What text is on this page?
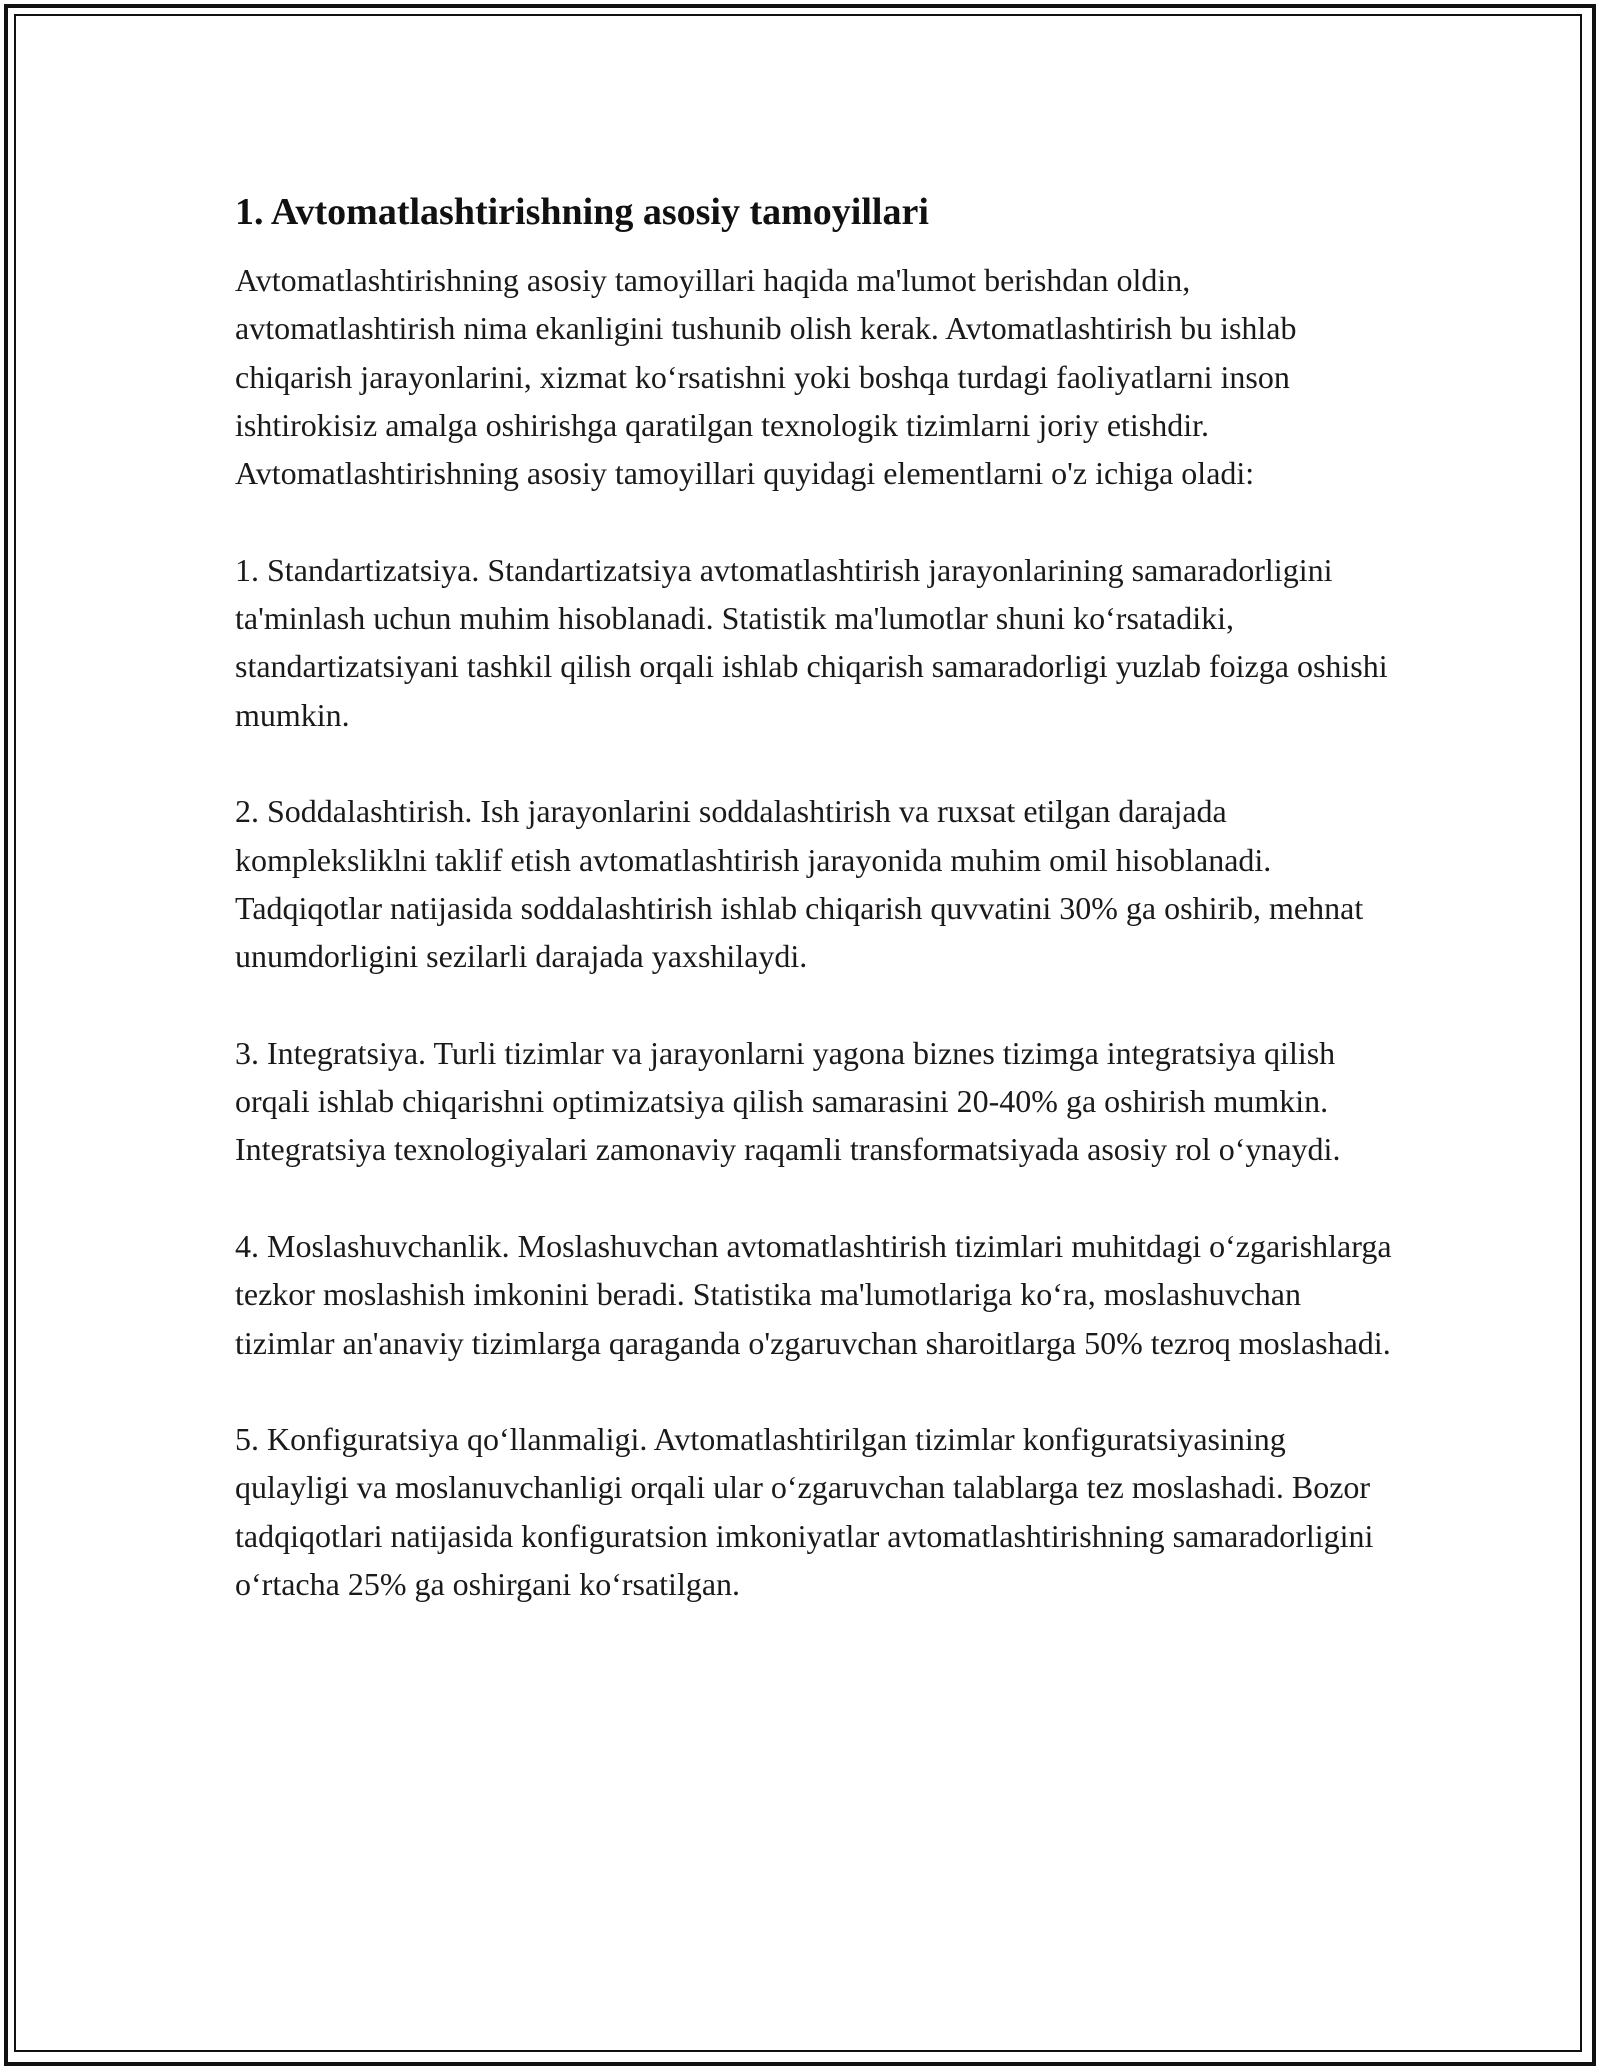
1. Avtomatlashtirishning asosiy tamoyillari

Avtomatlashtirishning asosiy tamoyillari haqida ma'lumot berishdan oldin, avtomatlashtirish nima ekanligini tushunib olish kerak. Avtomatlashtirish bu ishlab chiqarish jarayonlarini, xizmat koʻrsatishni yoki boshqa turdagi faoliyatlarni inson ishtirokisiz amalga oshirishga qaratilgan texnologik tizimlarni joriy etishdir. Avtomatlashtirishning asosiy tamoyillari quyidagi elementlarni o'z ichiga oladi:

1. Standartizatsiya. Standartizatsiya avtomatlashtirish jarayonlarining samaradorligini ta'minlash uchun muhim hisoblanadi. Statistik ma'lumotlar shuni koʻrsatadiki, standartizatsiyani tashkil qilish orqali ishlab chiqarish samaradorligi yuzlab foizga oshishi mumkin.

2. Soddalashtirish. Ish jarayonlarini soddalashtirish va ruxsat etilgan darajada kompleksliklni taklif etish avtomatlashtirish jarayonida muhim omil hisoblanadi. Tadqiqotlar natijasida soddalashtirish ishlab chiqarish quvvatini 30% ga oshirib, mehnat unumdorligini sezilarli darajada yaxshilaydi.

3. Integratsiya. Turli tizimlar va jarayonlarni yagona biznes tizimga integratsiya qilish orqali ishlab chiqarishni optimizatsiya qilish samarasini 20-40% ga oshirish mumkin. Integratsiya texnologiyalari zamonaviy raqamli transformatsiyada asosiy rol oʻynaydi.

4. Moslashuvchanlik. Moslashuvchan avtomatlashtirish tizimlari muhitdagi oʻzgarishlarga tezkor moslashish imkonini beradi. Statistika ma'lumotlariga koʻra, moslashuvchan tizimlar an'anaviy tizimlarga qaraganda o'zgaruvchan sharoitlarga 50% tezroq moslashadi.

5. Konfiguratsiya qoʻllanmaligi. Avtomatlashtirilgan tizimlar konfiguratsiyasining qulayligi va moslanuvchanligi orqali ular oʻzgaruvchan talablarga tez moslashadi. Bozor tadqiqotlari natijasida konfiguratsion imkoniyatlar avtomatlashtirishning samaradorligini oʻrtacha 25% ga oshirgani koʻrsatilgan.
